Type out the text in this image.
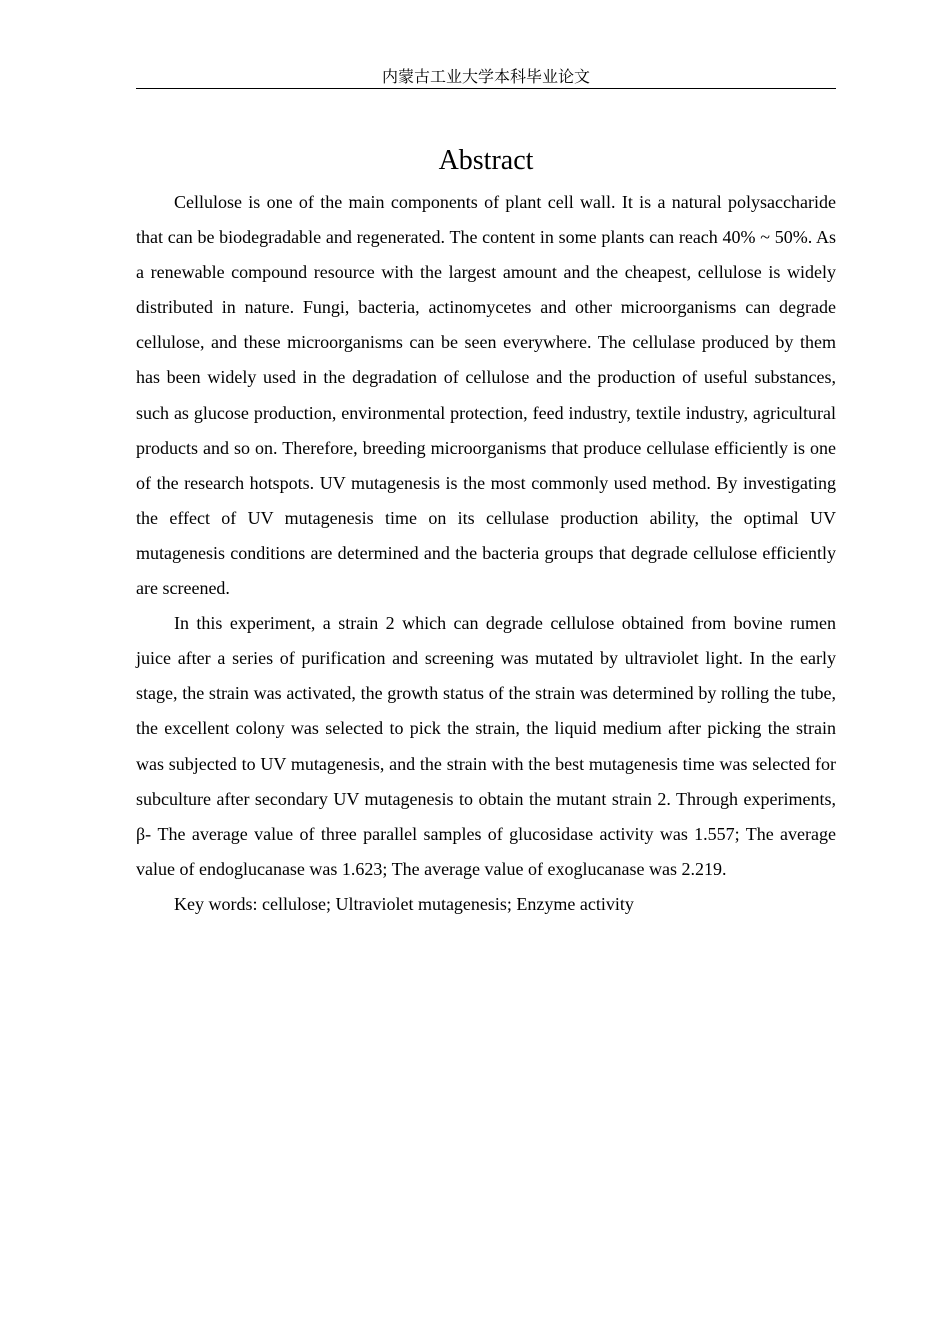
内蒙古工业大学本科毕业论文
Abstract

Cellulose is one of the main components of plant cell wall. It is a natural polysaccharide that can be biodegradable and regenerated. The content in some plants can reach 40% ~ 50%. As a renewable compound resource with the largest amount and the cheapest, cellulose is widely distributed in nature. Fungi, bacteria, actinomycetes and other microorganisms can degrade cellulose, and these microorganisms can be seen everywhere. The cellulase produced by them has been widely used in the degradation of cellulose and the production of useful substances, such as glucose production, environmental protection, feed industry, textile industry, agricultural products and so on. Therefore, breeding microorganisms that produce cellulase efficiently is one of the research hotspots. UV mutagenesis is the most commonly used method. By investigating the effect of UV mutagenesis time on its cellulase production ability, the optimal UV mutagenesis conditions are determined and the bacteria groups that degrade cellulose efficiently are screened.

In this experiment, a strain 2 which can degrade cellulose obtained from bovine rumen juice after a series of purification and screening was mutated by ultraviolet light. In the early stage, the strain was activated, the growth status of the strain was determined by rolling the tube, the excellent colony was selected to pick the strain, the liquid medium after picking the strain was subjected to UV mutagenesis, and the strain with the best mutagenesis time was selected for subculture after secondary UV mutagenesis to obtain the mutant strain 2. Through experiments, β- The average value of three parallel samples of glucosidase activity was 1.557; The average value of endoglucanase was 1.623; The average value of exoglucanase was 2.219.

Key words: cellulose; Ultraviolet mutagenesis; Enzyme activity
